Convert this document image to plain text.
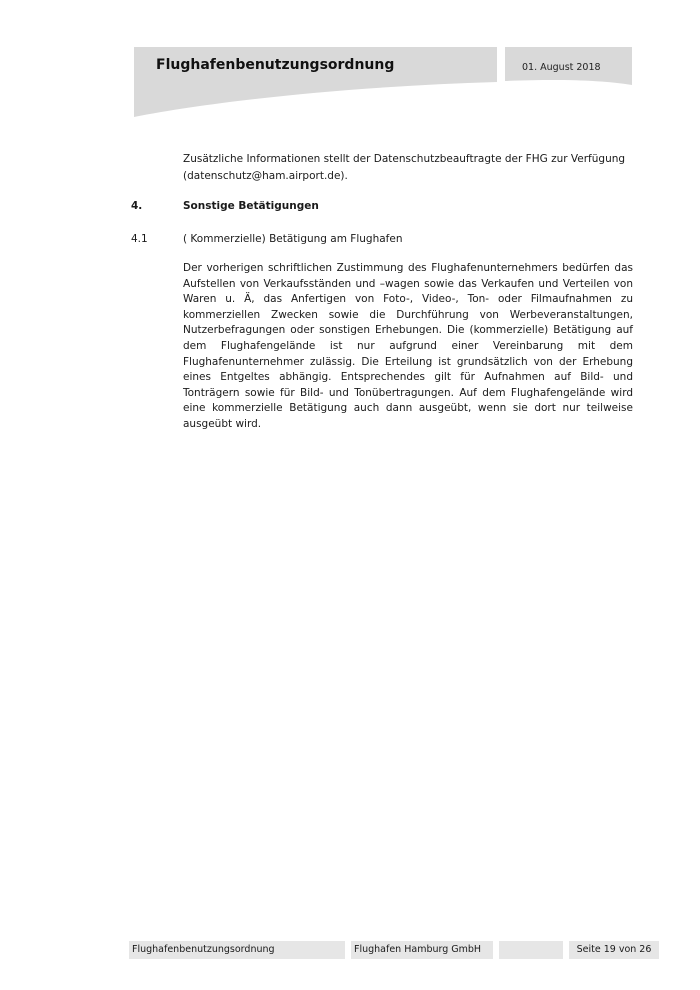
Flughafenbenutzungsordnung	01. August 2018

Zusätzliche Informationen stellt der Datenschutzbeauftragte der FHG zur Verfügung

(datenschutz@ham.airport.de).

4.	Sonstige Betätigungen
4.1	( Kommerzielle) Betätigung am Flughafen

Der vorherigen schriftlichen Zustimmung des Flughafenunternehmers bedürfen das Aufstellen von Verkaufsständen und –wagen sowie das Verkaufen und Verteilen von Waren u. Ä, das Anfertigen von Foto-, Video-, Ton- oder Filmaufnahmen zu kommerziellen Zwecken sowie die Durchführung von Werbeveranstaltungen, Nutzerbefragungen oder sonstigen Erhebungen. Die (kommerzielle) Betätigung auf dem Flughafengelände ist nur aufgrund einer Vereinbarung mit dem Flughafenunternehmer zulässig. Die Erteilung ist grundsätzlich von der Erhebung eines Entgeltes abhängig. Entsprechendes gilt für Aufnahmen auf Bild- und Tonträgern sowie für Bild- und Tonübertragungen. Auf dem Flughafengelände wird eine kommerzielle Betätigung auch dann ausgeübt, wenn sie dort nur teilweise ausgeübt wird.

Flughafenbenutzungsordnung	Flughafen Hamburg GmbH	Seite 19 von 26
